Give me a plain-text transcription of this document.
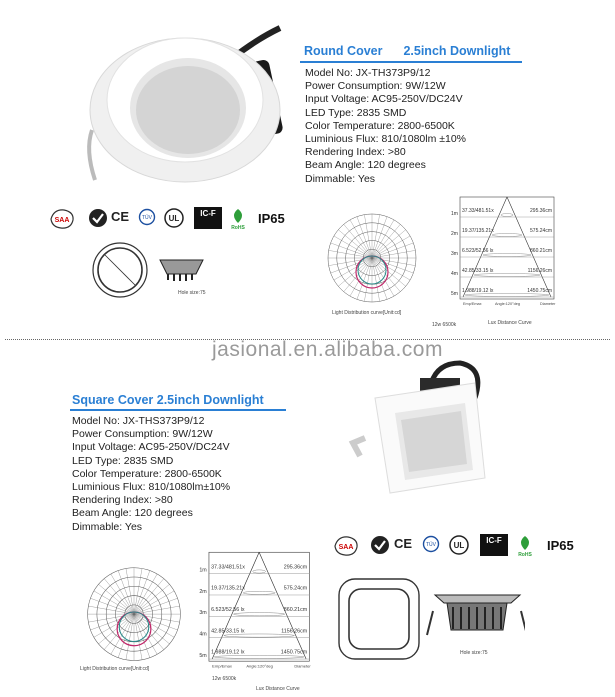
Round Cover 2.5inch Downlight
Model No: JX-TH373P9/12
Power Consumption: 9W/12W
Input Voltage: AC95-250V/DC24V
LED Type: 2835 SMD
Color Temperature: 2800-6500K
Luminious Flux: 810/1080lm ±10%
Rendering Index: >80
Beam Angle: 120 degrees
Dimmable: Yes
SAA	CE	TÜV UL
IC-F
RoHS
IP65
Hole size:75
Light Distribution curve[Unit:cd]
1m 37.33/481.51x	295.36cm
2m 19.37/135.21x	575.24cm
3m 6.523/52.56 lx	860.21cm
4m 42.85/33.15 lx	1156.26cm
5m 1.988/19.12 lx	1450.75cm
Emp/Emax	Angle:120°deg	Diameter
Lux Distance Curve
12w 6500k
jasional.en.alibaba.com
Square Cover 2.5inch Downlight
Model No: JX-THS373P9/12
Power Consumption: 9W/12W
Input Voltage: AC95-250V/DC24V
LED Type: 2835 SMD
Color Temperature: 2800-6500K
Luminious Flux: 810/1080lm±10%
Rendering Index: >80
Beam Angle: 120 degrees
Dimmable: Yes
SAA	CE	TÜV UL
IC-F
RoHS
IP65
Light Distribution curve[Unit:cd]
12w 6500k
1m
37.33/481.51x	295.36cm
2m
19.37/135.21x	575.24cm
3m
6.523/52.56 lx	860.21cm
4m
42.85/33.15 lx	1156.26cm
5m
1.988/19.12 lx	1450.75cm
Emp/Emax	Angle:120°deg	Diameter
Lux Distance Curve
Hole size:75
